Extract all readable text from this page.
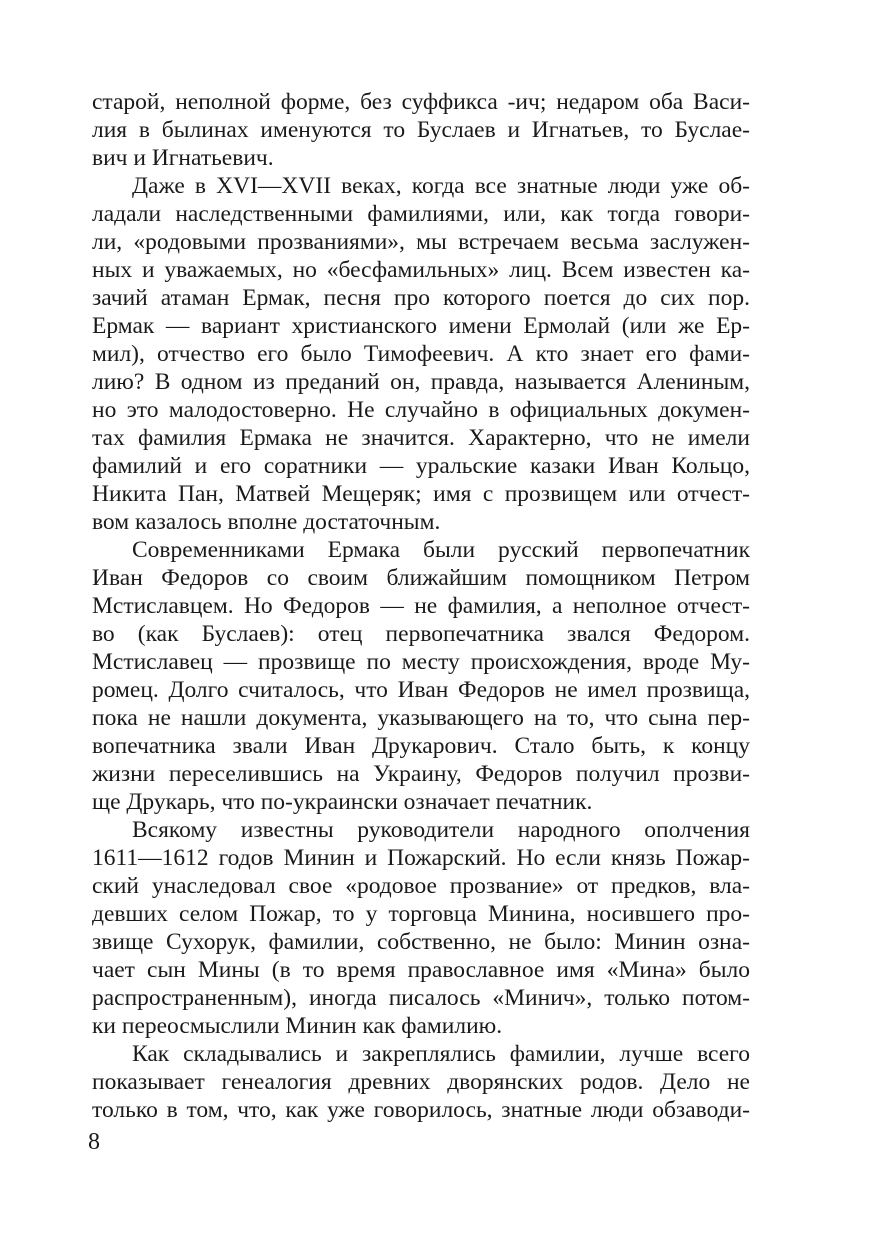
старой, неполной форме, без суффикса -ич; недаром оба Васи-
лия в былинах именуются то Буслаев и Игнатьев, то Буслае-
вич и Игнатьевич.
Даже в XVI—XVII веках, когда все знатные люди уже об-
ладали наследственными фамилиями, или, как тогда говори-
ли, «родовыми прозваниями», мы встречаем весьма заслужен-
ных и уважаемых, но «бесфамильных» лиц. Всем известен ка-
зачий атаман Ермак, песня про которого поется до сих пор.
Ермак — вариант христианского имени Ермолай (или же Ер-
мил), отчество его было Тимофеевич. А кто знает его фами-
лию? В одном из преданий он, правда, называется Алениным,
но это малодостоверно. Не случайно в официальных докумен-
тах фамилия Ермака не значится. Характерно, что не имели
фамилий и его соратники — уральские казаки Иван Кольцо,
Никита Пан, Матвей Мещеряк; имя с прозвищем или отчест-
вом казалось вполне достаточным.
Современниками Ермака были русский первопечатник
Иван Федоров со своим ближайшим помощником Петром
Мстиславцем. Но Федоров — не фамилия, а неполное отчест-
во (как Буслаев): отец первопечатника звался Федором.
Мстиславец — прозвище по месту происхождения, вроде Му-
ромец. Долго считалось, что Иван Федоров не имел прозвища,
пока не нашли документа, указывающего на то, что сына пер-
вопечатника звали Иван Друкарович. Стало быть, к концу
жизни переселившись на Украину, Федоров получил прозви-
ще Друкарь, что по-украински означает печатник.
Всякому известны руководители народного ополчения
1611—1612 годов Минин и Пожарский. Но если князь Пожар-
ский унаследовал свое «родовое прозвание» от предков, вла-
девших селом Пожар, то у торговца Минина, носившего про-
звище Сухорук, фамилии, собственно, не было: Минин озна-
чает сын Мины (в то время православное имя «Мина» было
распространенным), иногда писалось «Минич», только потом-
ки переосмыслили Минин как фамилию.
Как складывались и закреплялись фамилии, лучше всего
показывает генеалогия древних дворянских родов. Дело не
только в том, что, как уже говорилось, знатные люди обзаводи-
8
